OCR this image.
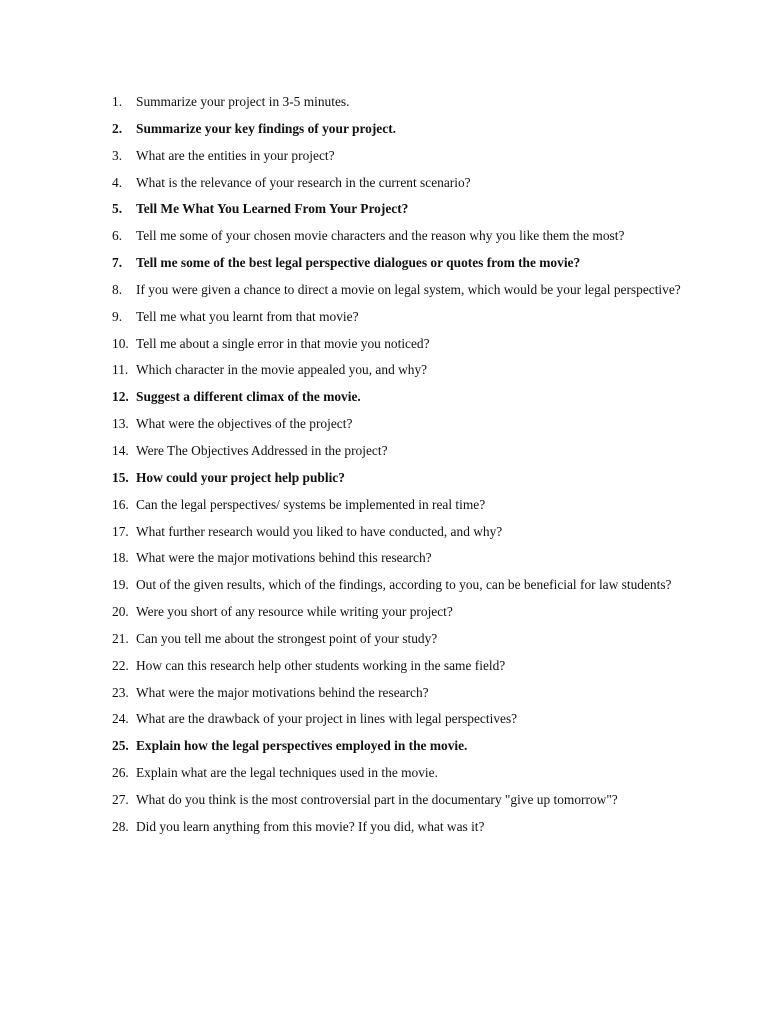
1. Summarize your project in 3-5 minutes.
2. Summarize your key findings of your project.
3. What are the entities in your project?
4. What is the relevance of your research in the current scenario?
5. Tell Me What You Learned From Your Project?
6. Tell me some of your chosen movie characters and the reason why you like them the most?
7. Tell me some of the best legal perspective dialogues or quotes from the movie?
8. If you were given a chance to direct a movie on legal system, which would be your legal perspective?
9. Tell me what you learnt from that movie?
10. Tell me about a single error in that movie you noticed?
11. Which character in the movie appealed you, and why?
12. Suggest a different climax of the movie.
13. What were the objectives of the project?
14. Were The Objectives Addressed in the project?
15. How could your project help public?
16. Can the legal perspectives/ systems be implemented in real time?
17. What further research would you liked to have conducted, and why?
18. What were the major motivations behind this research?
19. Out of the given results, which of the findings, according to you, can be beneficial for law students?
20. Were you short of any resource while writing your project?
21. Can you tell me about the strongest point of your study?
22. How can this research help other students working in the same field?
23. What were the major motivations behind the research?
24. What are the drawback of your project in lines with legal perspectives?
25. Explain how the legal perspectives employed in the movie.
26. Explain what are the legal techniques used in the movie.
27. What do you think is the most controversial part in the documentary "give up tomorrow"?
28. Did you learn anything from this movie? If you did, what was it?
